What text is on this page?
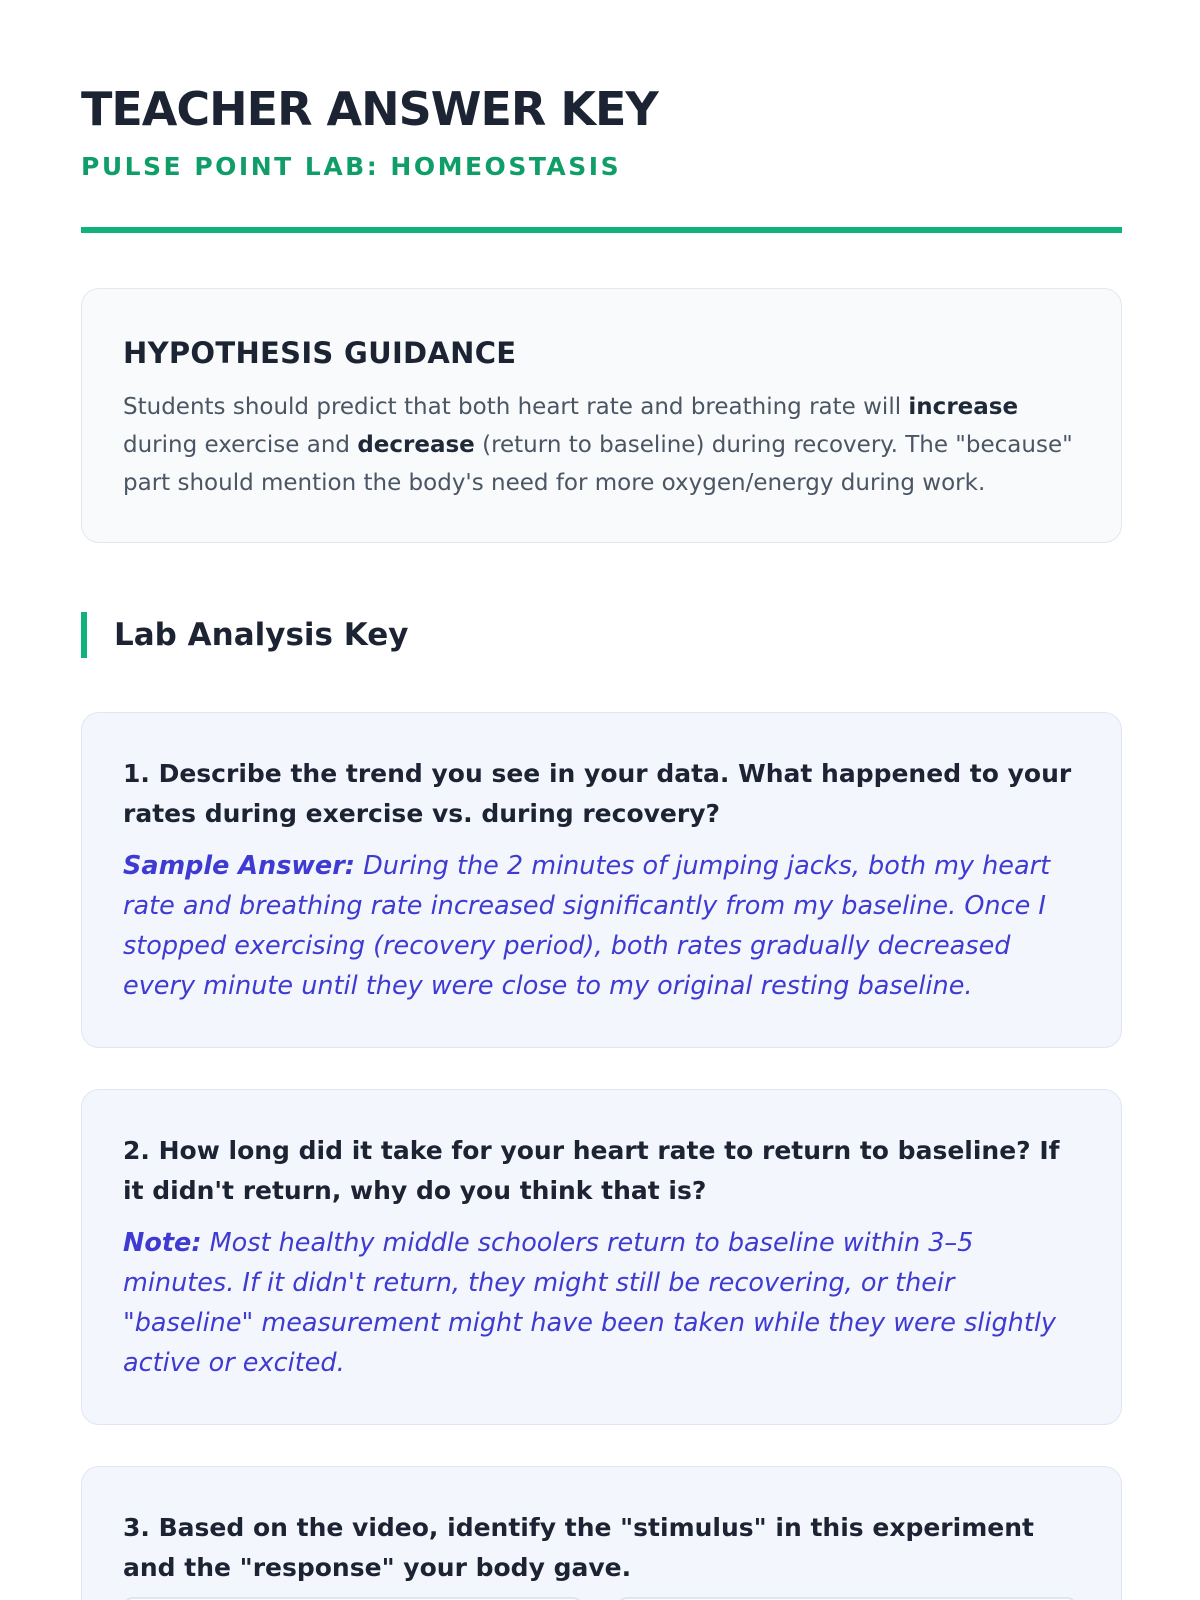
TEACHER ANSWER KEY
PULSE POINT LAB: HOMEOSTASIS
HYPOTHESIS GUIDANCE

Students should predict that both heart rate and breathing rate will increase during exercise and decrease (return to baseline) during recovery. The "because" part should mention the body's need for more oxygen/energy during work.

Lab Analysis Key
1. Describe the trend you see in your data. What happened to your rates during exercise vs. during recovery?

Sample Answer: During the 2 minutes of jumping jacks, both my heart rate and breathing rate increased significantly from my baseline. Once I stopped exercising (recovery period), both rates gradually decreased every minute until they were close to my original resting baseline.

2. How long did it take for your heart rate to return to baseline? If it didn't return, why do you think that is?

Note: Most healthy middle schoolers return to baseline within 3–5 minutes. If it didn't return, they might still be recovering, or their "baseline" measurement might have been taken while they were slightly active or excited.

3. Based on the video, identify the "stimulus" in this experiment and the "response" your body gave.
